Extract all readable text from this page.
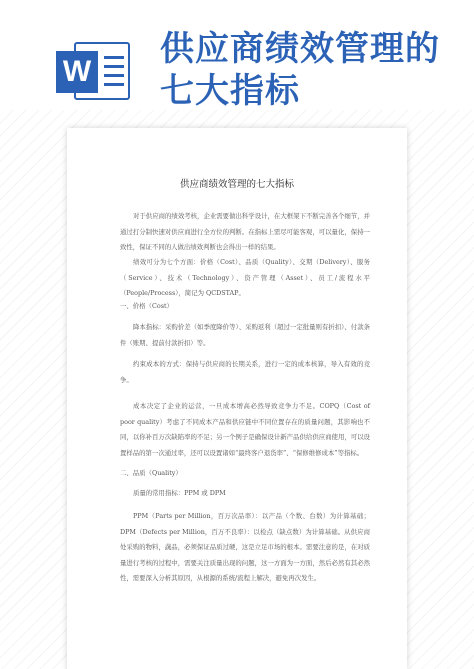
W
供应商绩效管理的
七大指标
供应商绩效管理的七大指标

对于供应商的绩效考核，企业需要做出科学设计，在大框架下不断完善各个细节，并通过打分制快速对供应商进行全方位的判断。在指标上需尽可能客观，可以量化，保持一致性，保证不同的人做出绩效判断也会得出一样的结果。

绩效可分为七个方面：价格（Cost）、品质（Quality）、交期（Delivery）、服务（Service）、技术（Technology）、资产管理（Asset）、员工/流程水平（People/Process），简记为 QCDSTAP。

一、价格（Cost）

降本指标：采购价差（如季度降价等）、采购返利（超过一定批量则有折扣）、付款条件（账期、提前付款折扣）等。

约束成本的方式：保持与供应商的长期关系，进行一定的成本核算，导入有效的竞争。

成本决定了企业的运营，一旦成本增高必然导致竞争力不足。COPQ（Cost of poor quality）考虑了不同成本产品和供应链中不同位置存在的质量问题，其影响也不同，以你补百万次缺陷率的不足；另一个例子是确保设计新产品供给供应商使用，可以设置样品的第一次通过率，还可以设置诸如“最终客户退货率”、“保修维修成本”等指标。

二、品质（Quality）

质量的常用指标：PPM 或 DPM

PPM（Parts per Million，百万次品率）：以产品（个数、台数）为计算基础；DPM（Defects per Million，百万不良率）：以检点（缺点数）为计算基础。从供应商处采购的物料，蔬品，必须保证品质过硬，这是立足市场的根本。需要注意的是，在对质量进行考核的过程中，需要关注质量出现的问题，这一方面为一方面，然后必然有其必然性，需要深入分析其原因，从根源的系统/流程上解决，避免再次发生。
